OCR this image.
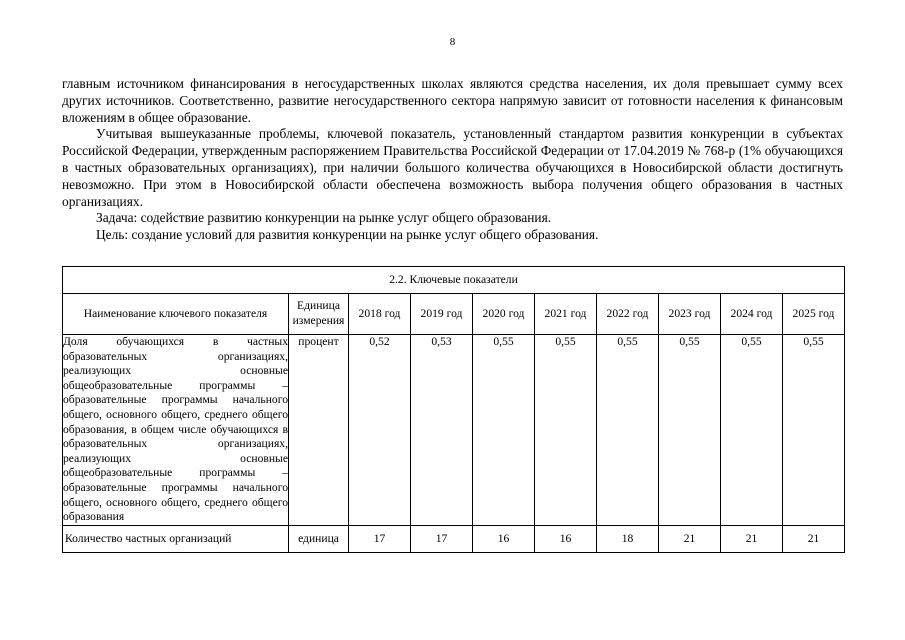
8

главным источником финансирования в негосударственных школах являются средства населения, их доля превышает сумму всех других источников. Соответственно, развитие негосударственного сектора напрямую зависит от готовности населения к финансовым вложениям в общее образование.

Учитывая вышеуказанные проблемы, ключевой показатель, установленный стандартом развития конкуренции в субъектах Российской Федерации, утвержденным распоряжением Правительства Российской Федерации от 17.04.2019 № 768-р (1% обучающихся в частных образовательных организациях), при наличии большого количества обучающихся в Новосибирской области достигнуть невозможно. При этом в Новосибирской области обеспечена возможность выбора получения общего образования в частных организациях.

Задача: содействие развитию конкуренции на рынке услуг общего образования.

Цель: создание условий для развития конкуренции на рынке услуг общего образования.

2.2. Ключевые показатели									
Наименование ключевого показателя	Единица измерения	2018 год	2019 год	2020 год	2021 год	2022 год	2023 год	2024 год	2025 год
Доля обучающихся в частных образовательных организациях, реализующих основные общеобразовательные программы – образовательные программы начального общего, основного общего, среднего общего образования, в общем числе обучающихся в образовательных организациях, реализующих основные общеобразовательные программы – образовательные программы начального общего, основного общего, среднего общего образования	процент	0,52	0,53	0,55	0,55	0,55	0,55	0,55	0,55
Количество частных организаций	единица	17	17	16	16	18	21	21	21
